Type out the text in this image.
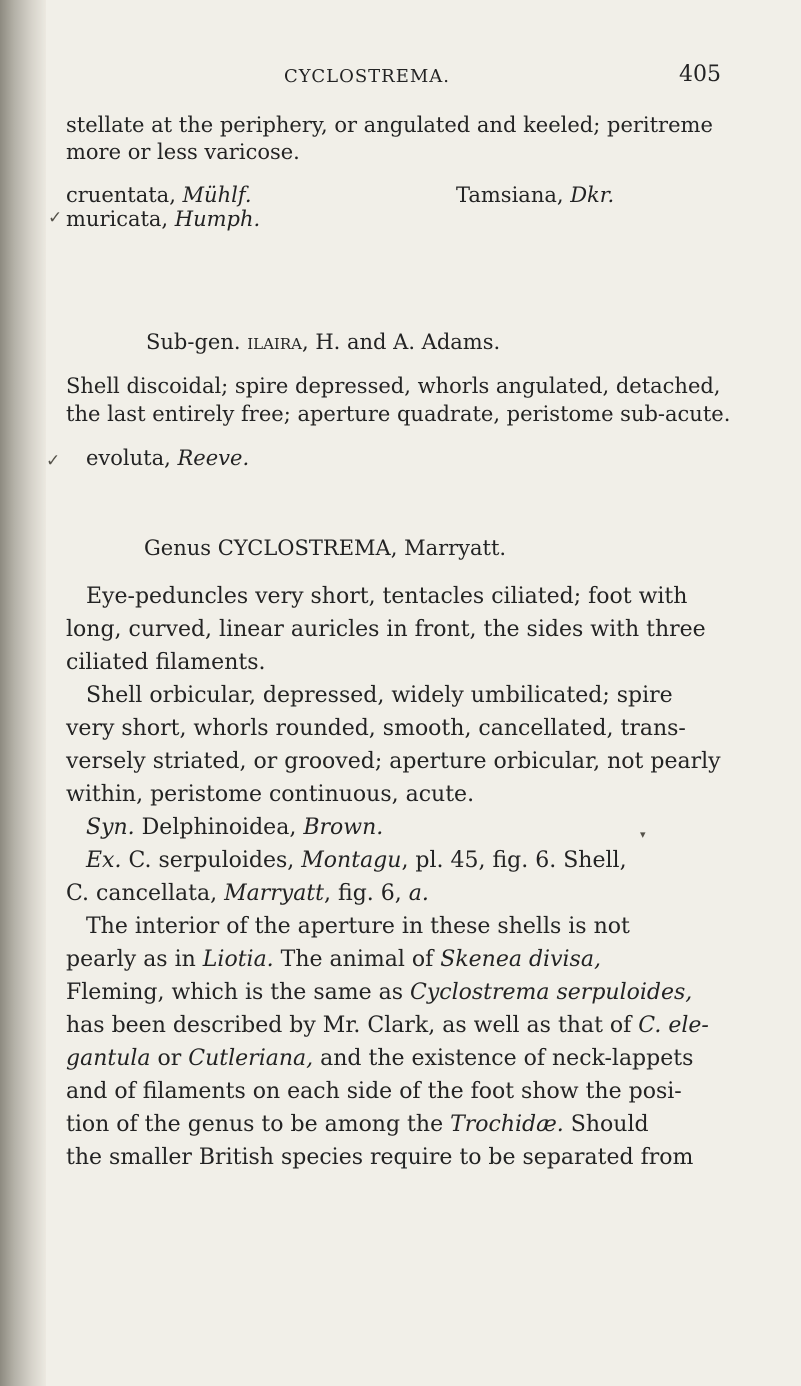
CYCLOSTREMA.	405
stellate at the periphery, or angulated and keeled; peritreme
more or less varicose.
cruentata, Mühlf.	Tamsiana, Dkr.
✓ muricata, Humph.
Sub-gen. ilaira, H. and A. Adams.
Shell discoidal; spire depressed, whorls angulated, detached,
the last entirely free; aperture quadrate, peristome sub-acute.
✓ evoluta, Reeve.
Genus CYCLOSTREMA, Marryatt.
Eye-peduncles very short, tentacles ciliated; foot with
long, curved, linear auricles in front, the sides with three
ciliated filaments.
Shell orbicular, depressed, widely umbilicated; spire
very short, whorls rounded, smooth, cancellated, trans-
versely striated, or grooved; aperture orbicular, not pearly
within, peristome continuous, acute.
Syn. Delphinoidea, Brown.	▾
Ex. C. serpuloides, Montagu, pl. 45, fig. 6. Shell,
C. cancellata, Marryatt, fig. 6, a.
The interior of the aperture in these shells is not
pearly as in Liotia. The animal of Skenea divisa,
Fleming, which is the same as Cyclostrema serpuloides,
has been described by Mr. Clark, as well as that of C. ele-
gantula or Cutleriana, and the existence of neck-lappets
and of filaments on each side of the foot show the posi-
tion of the genus to be among the Trochidæ. Should
the smaller British species require to be separated from
